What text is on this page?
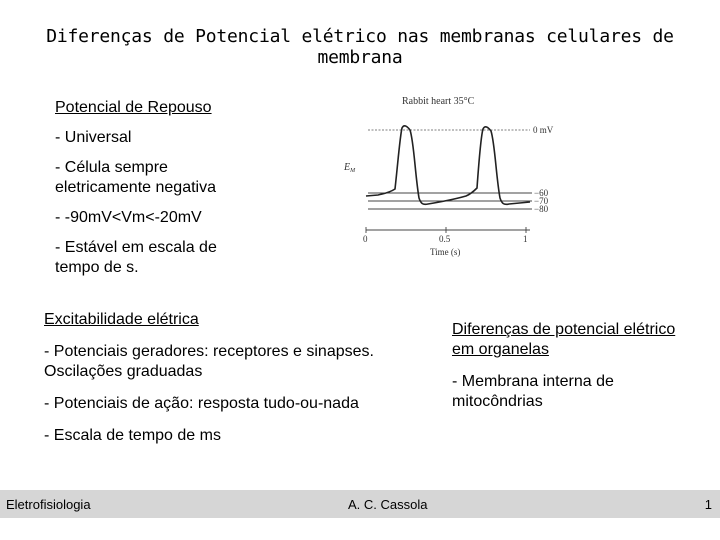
Diferenças de Potencial elétrico nas membranas celulares de membrana

Potencial de Repouso

- Universal

- Célula sempre eletricamente negativa

- -90mV<Vm<-20mV

- Estável em escala de tempo de s.

Rabbit heart 35°C
0 mV
$E_M$
−60
−70
−80
0	0.5	1
Time (s)

Excitabilidade elétrica

- Potenciais geradores: receptores e sinapses. Oscilações graduadas

- Potenciais de ação: resposta tudo-ou-nada

- Escala de tempo de ms

Diferenças de potencial elétrico em organelas

- Membrana interna de mitocôndrias

Eletrofisiologia	A. C. Cassola	1
